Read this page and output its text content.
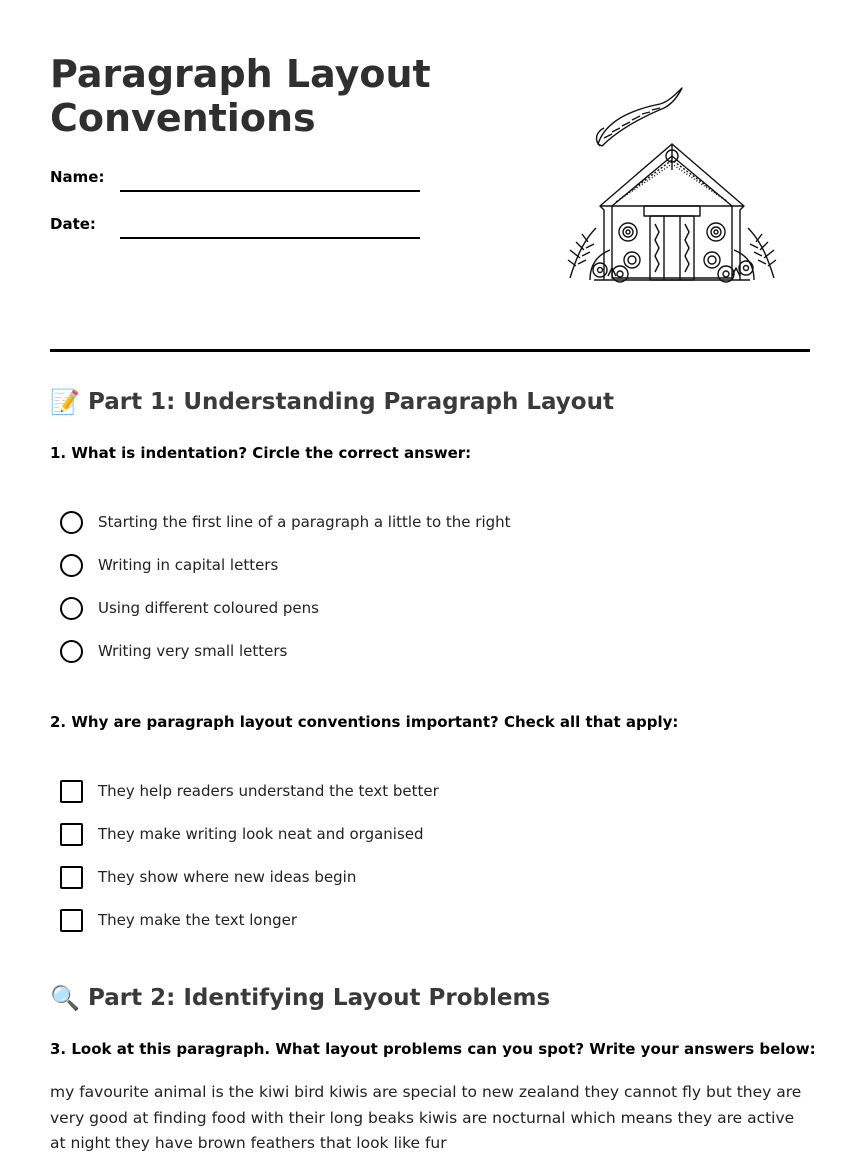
Paragraph Layout Conventions
Name:
Date:
📝 Part 1: Understanding Paragraph Layout
1. What is indentation? Circle the correct answer:
Starting the first line of a paragraph a little to the right
Writing in capital letters
Using different coloured pens
Writing very small letters
2. Why are paragraph layout conventions important? Check all that apply:
They help readers understand the text better
They make writing look neat and organised
They show where new ideas begin
They make the text longer
🔍 Part 2: Identifying Layout Problems
3. Look at this paragraph. What layout problems can you spot? Write your answers below:
my favourite animal is the kiwi bird kiwis are special to new zealand they cannot fly but they are very good at finding food with their long beaks kiwis are nocturnal which means they are active at night they have brown feathers that look like fur
